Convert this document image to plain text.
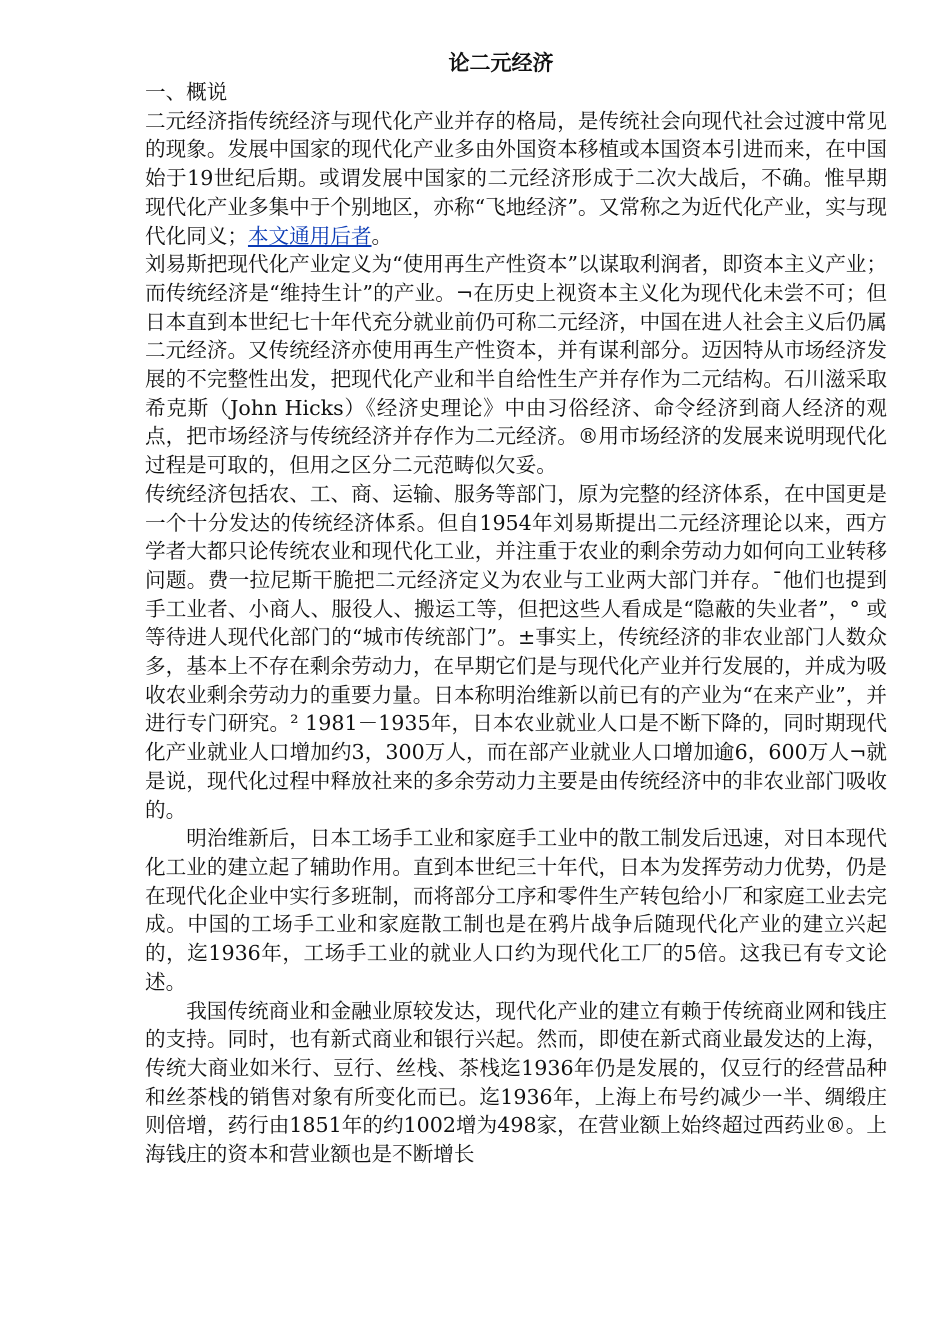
论二元经济

一、概说

二元经济指传统经济与现代化产业并存的格局，是传统社会向现代社会过渡中常见的现象。发展中国家的现代化产业多由外国资本移植或本国资本引进而来，在中国始于19世纪后期。或谓发展中国家的二元经济形成于二次大战后，不确。惟早期现代化产业多集中于个别地区，亦称“飞地经济”。又常称之为近代化产业，实与现代化同义；本文通用后者。

刘易斯把现代化产业定义为“使用再生产性资本”以谋取利润者，即资本主义产业；而传统经济是“维持生计”的产业。¬在历史上视资本主义化为现代化未尝不可；但日本直到本世纪七十年代充分就业前仍可称二元经济，中国在进人社会主义后仍属二元经济。又传统经济亦使用再生产性资本，并有谋利部分。迈因特从市场经济发展的不完整性出发，把现代化产业和半自给性生产并存作为二元结构。石川滋采取希克斯（John Hicks）《经济史理论》中由习俗经济、命令经济到商人经济的观点，把市场经济与传统经济并存作为二元经济。®用市场经济的发展来说明现代化过程是可取的，但用之区分二元范畴似欠妥。

传统经济包括农、工、商、运输、服务等部门，原为完整的经济体系，在中国更是一个十分发达的传统经济体系。但自1954年刘易斯提出二元经济理论以来，西方学者大都只论传统农业和现代化工业，并注重于农业的剩余劳动力如何向工业转移问题。费一拉尼斯干脆把二元经济定义为农业与工业两大部门并存。¯他们也提到手工业者、小商人、服役人、搬运工等，但把这些人看成是“隐蔽的失业者”，° 或等待进人现代化部门的“城市传统部门”。±事实上，传统经济的非农业部门人数众多，基本上不存在剩余劳动力，在早期它们是与现代化产业并行发展的，并成为吸收农业剩余劳动力的重要力量。日本称明治维新以前已有的产业为“在来产业”，并进行专门研究。² 1981－1935年，日本农业就业人口是不断下降的，同时期现代化产业就业人口增加约3，300万人，而在部产业就业人口增加逾6，600万人¬就是说，现代化过程中释放社来的多余劳动力主要是由传统经济中的非农业部门吸收的。

明治维新后，日本工场手工业和家庭手工业中的散工制发后迅速，对日本现代化工业的建立起了辅助作用。直到本世纪三十年代，日本为发挥劳动力优势，仍是在现代化企业中实行多班制，而将部分工序和零件生产转包给小厂和家庭工业去完成。中国的工场手工业和家庭散工制也是在鸦片战争后随现代化产业的建立兴起的，迄1936年，工场手工业的就业人口约为现代化工厂的5倍。这我已有专文论述。

我国传统商业和金融业原较发达，现代化产业的建立有赖于传统商业网和钱庄的支持。同时，也有新式商业和银行兴起。然而，即使在新式商业最发达的上海，传统大商业如米行、豆行、丝栈、茶栈迄1936年仍是发展的，仅豆行的经营品种和丝茶栈的销售对象有所变化而已。迄1936年，上海上布号约减少一半、绸缎庄则倍增，药行由1851年的约1002增为498家，在营业额上始终超过西药业®。上海钱庄的资本和营业额也是不断增长
